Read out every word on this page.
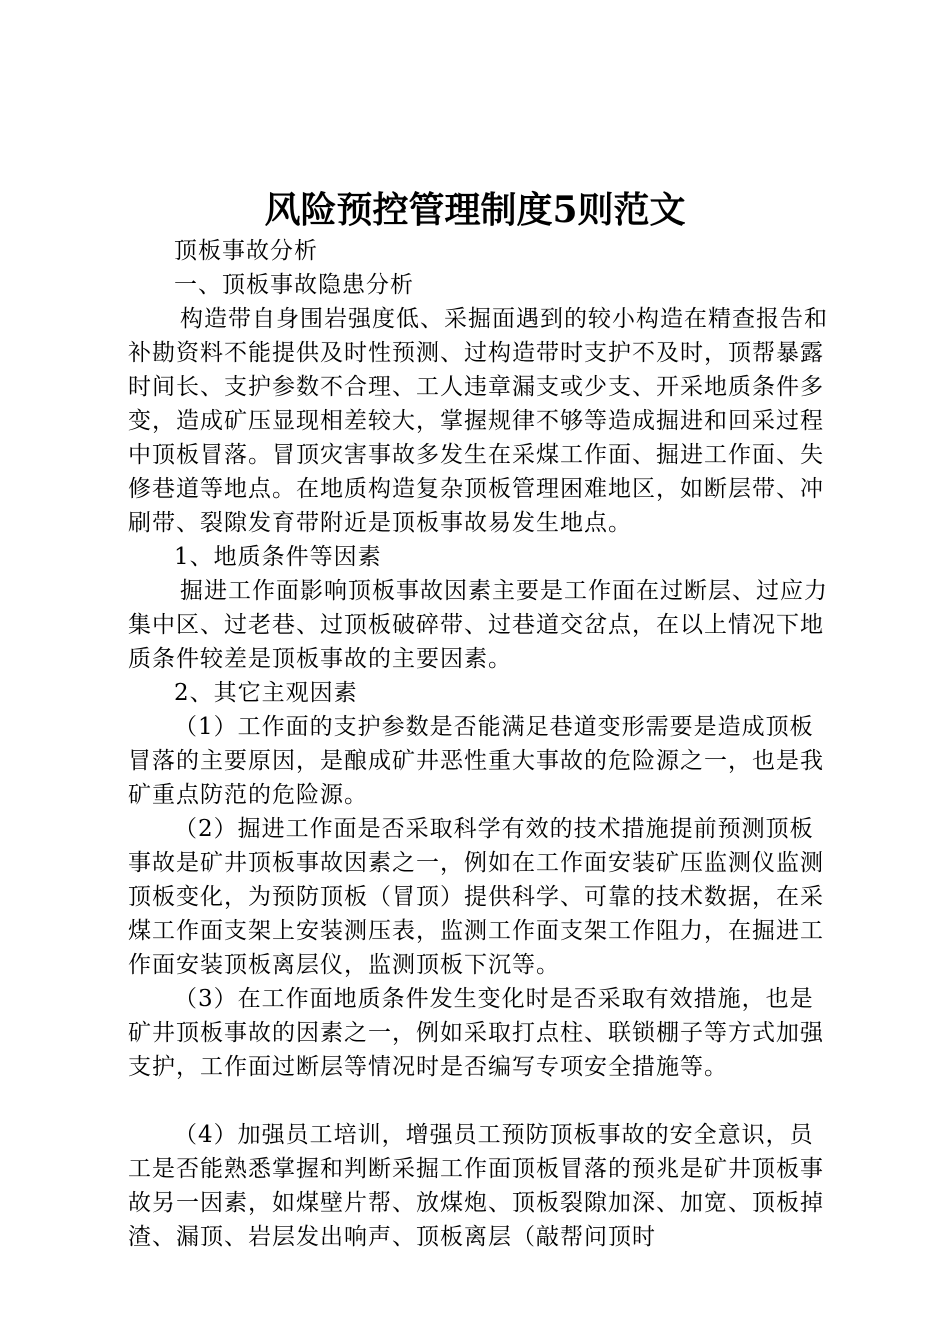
风险预控管理制度5则范文

顶板事故分析

一、顶板事故隐患分析

构造带自身围岩强度低、采掘面遇到的较小构造在精查报告和补勘资料不能提供及时性预测、过构造带时支护不及时，顶帮暴露时间长、支护参数不合理、工人违章漏支或少支、开采地质条件多变，造成矿压显现相差较大，掌握规律不够等造成掘进和回采过程中顶板冒落。冒顶灾害事故多发生在采煤工作面、掘进工作面、失修巷道等地点。在地质构造复杂顶板管理困难地区，如断层带、冲刷带、裂隙发育带附近是顶板事故易发生地点。

1、地质条件等因素

掘进工作面影响顶板事故因素主要是工作面在过断层、过应力集中区、过老巷、过顶板破碎带、过巷道交岔点，在以上情况下地质条件较差是顶板事故的主要因素。

2、其它主观因素

（1）工作面的支护参数是否能满足巷道变形需要是造成顶板冒落的主要原因，是酿成矿井恶性重大事故的危险源之一，也是我矿重点防范的危险源。

（2）掘进工作面是否采取科学有效的技术措施提前预测顶板事故是矿井顶板事故因素之一，例如在工作面安装矿压监测仪监测顶板变化，为预防顶板（冒顶）提供科学、可靠的技术数据，在采煤工作面支架上安装测压表，监测工作面支架工作阻力，在掘进工作面安装顶板离层仪，监测顶板下沉等。

（3）在工作面地质条件发生变化时是否采取有效措施，也是矿井顶板事故的因素之一，例如采取打点柱、联锁棚子等方式加强支护，工作面过断层等情况时是否编写专项安全措施等。

（4）加强员工培训，增强员工预防顶板事故的安全意识，员工是否能熟悉掌握和判断采掘工作面顶板冒落的预兆是矿井顶板事故另一因素，如煤壁片帮、放煤炮、顶板裂隙加深、加宽、顶板掉渣、漏顶、岩层发出响声、顶板离层（敲帮问顶时
